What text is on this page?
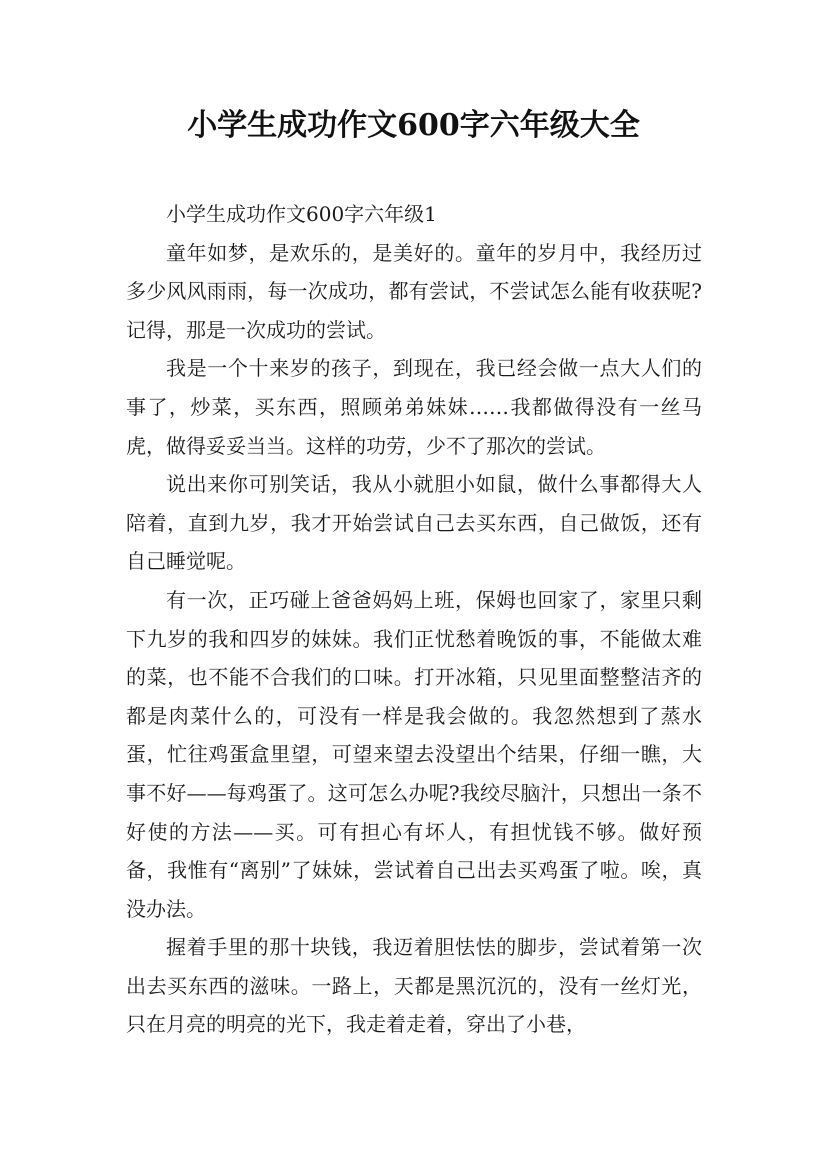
小学生成功作文600字六年级大全

小学生成功作文600字六年级1

童年如梦，是欢乐的，是美好的。童年的岁月中，我经历过多少风风雨雨，每一次成功，都有尝试，不尝试怎么能有收获呢?记得，那是一次成功的尝试。

我是一个十来岁的孩子，到现在，我已经会做一点大人们的事了，炒菜，买东西，照顾弟弟妹妹……我都做得没有一丝马虎，做得妥妥当当。这样的功劳，少不了那次的尝试。

说出来你可别笑话，我从小就胆小如鼠，做什么事都得大人陪着，直到九岁，我才开始尝试自己去买东西，自己做饭，还有自己睡觉呢。

有一次，正巧碰上爸爸妈妈上班，保姆也回家了，家里只剩下九岁的我和四岁的妹妹。我们正忧愁着晚饭的事，不能做太难的菜，也不能不合我们的口味。打开冰箱，只见里面整整洁齐的都是肉菜什么的，可没有一样是我会做的。我忽然想到了蒸水蛋，忙往鸡蛋盒里望，可望来望去没望出个结果，仔细一瞧，大事不好——每鸡蛋了。这可怎么办呢?我绞尽脑汁，只想出一条不好使的方法——买。可有担心有坏人，有担忧钱不够。做好预备，我惟有“离别”了妹妹，尝试着自己出去买鸡蛋了啦。唉，真没办法。

握着手里的那十块钱，我迈着胆怯怯的脚步，尝试着第一次出去买东西的滋味。一路上，天都是黑沉沉的，没有一丝灯光，只在月亮的明亮的光下，我走着走着，穿出了小巷，
